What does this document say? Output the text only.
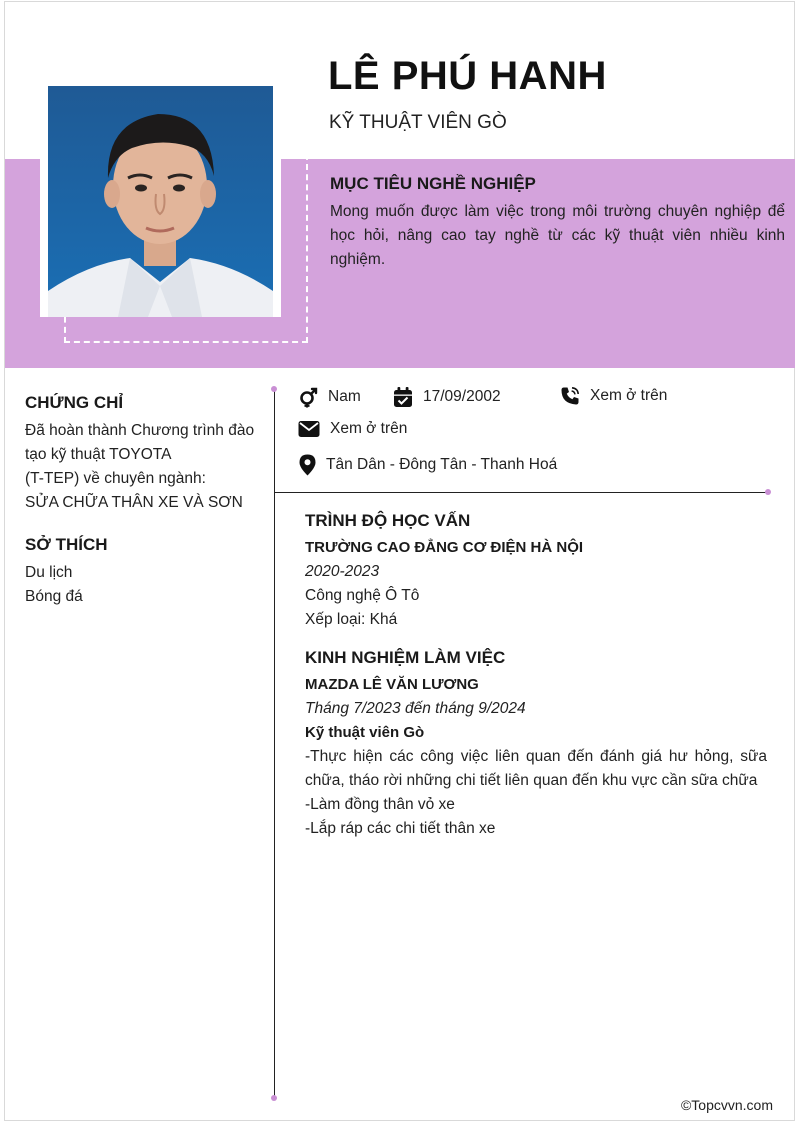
LÊ PHÚ HANH

KỸ THUẬT VIÊN GÒ

MỤC TIÊU NGHỀ NGHIỆP

Mong muốn được làm việc trong môi trường chuyên nghiệp để học hỏi, nâng cao tay nghề từ các kỹ thuật viên nhiều kinh nghiệm.

CHỨNG CHỈ

Đã hoàn thành Chương trình đào

tạo kỹ thuật TOYOTA

(T-TEP) về chuyên ngành:

SỬA CHỮA THÂN XE VÀ SƠN

SỞ THÍCH

Du lịch

Bóng đá

Nam	17/09/2002	Xem ở trên
Xem ở trên
Tân Dân - Đông Tân - Thanh Hoá
TRÌNH ĐỘ HỌC VẤN

TRƯỜNG CAO ĐẲNG CƠ ĐIỆN HÀ NỘI

2020-2023

Công nghệ Ô Tô

Xếp loại: Khá

KINH NGHIỆM LÀM VIỆC

MAZDA LÊ VĂN LƯƠNG

Tháng 7/2023 đến tháng 9/2024

Kỹ thuật viên Gò

-Thực hiện các công việc liên quan đến đánh giá hư hỏng, sữa chữa, tháo rời những chi tiết liên quan đến khu vực cần sữa chữa

-Làm đồng thân vỏ xe

-Lắp ráp các chi tiết thân xe

©Topcvvn.com
